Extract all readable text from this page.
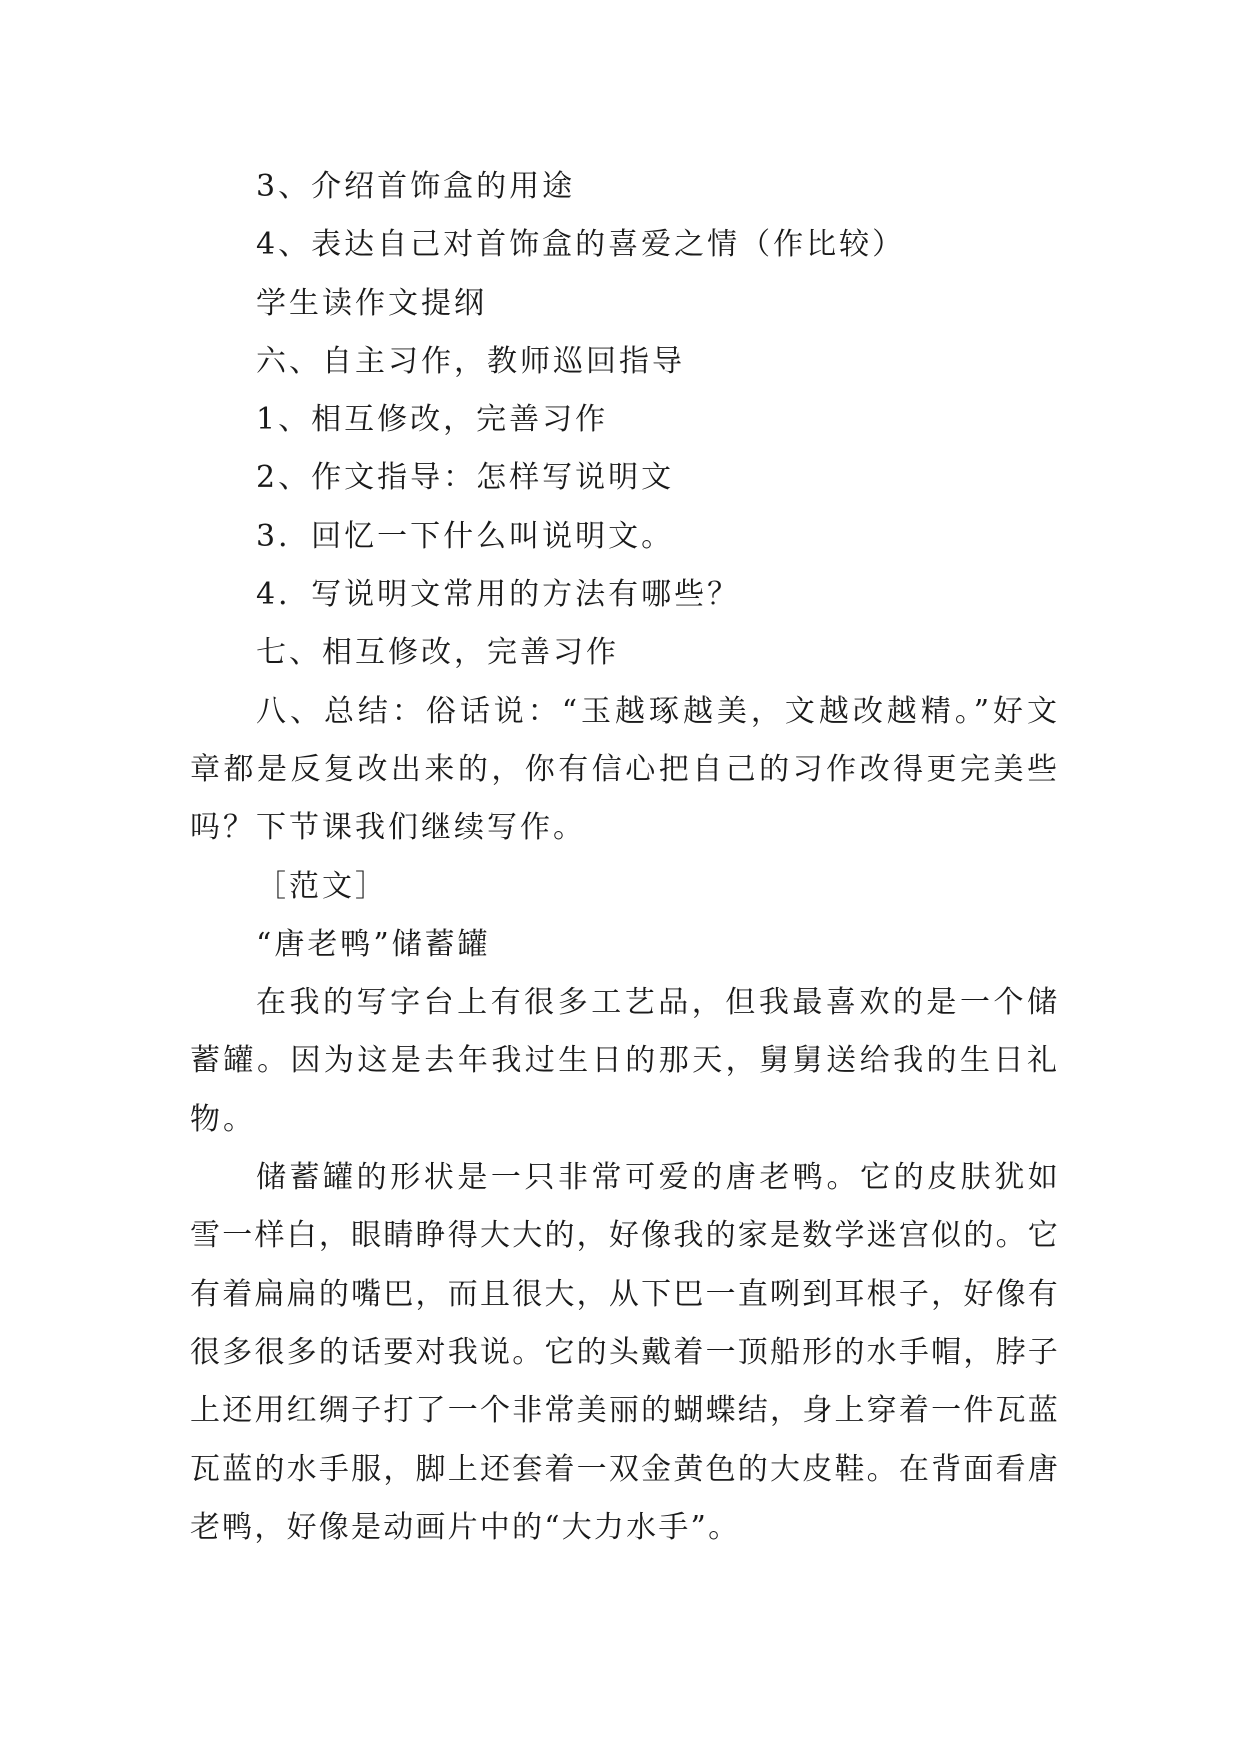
3、介绍首饰盒的用途

4、表达自己对首饰盒的喜爱之情（作比较）

学生读作文提纲

六、自主习作，教师巡回指导

1、相互修改，完善习作

2、作文指导：怎样写说明文

3．回忆一下什么叫说明文。

4．写说明文常用的方法有哪些？

七、相互修改，完善习作

八、总结：俗话说：“玉越琢越美，文越改越精。”好文章都是反复改出来的，你有信心把自己的习作改得更完美些吗？下节课我们继续写作。

［范文］

“唐老鸭”储蓄罐

在我的写字台上有很多工艺品，但我最喜欢的是一个储蓄罐。因为这是去年我过生日的那天，舅舅送给我的生日礼物。

储蓄罐的形状是一只非常可爱的唐老鸭。它的皮肤犹如雪一样白，眼睛睁得大大的，好像我的家是数学迷宫似的。它有着扁扁的嘴巴，而且很大，从下巴一直咧到耳根子，好像有很多很多的话要对我说。它的头戴着一顶船形的水手帽，脖子上还用红绸子打了一个非常美丽的蝴蝶结，身上穿着一件瓦蓝瓦蓝的水手服，脚上还套着一双金黄色的大皮鞋。在背面看唐老鸭，好像是动画片中的“大力水手”。
